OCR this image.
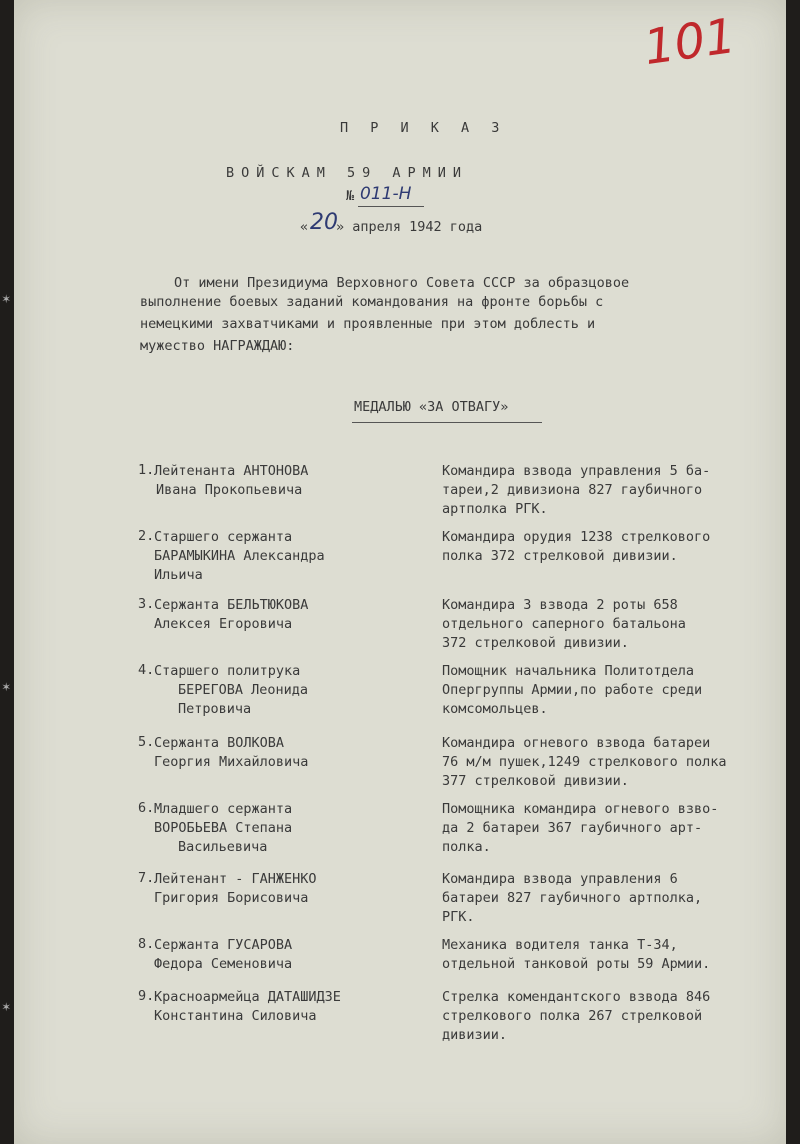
101
П Р И К А З
ВОЙСКАМ 59 АРМИИ
№ 011-Н
« 20
» апреля 1942 года
От имени Президиума Верховного Совета СССР за образцовое
выполнение боевых заданий командования на фронте борьбы с
немецкими захватчиками и проявленные при этом доблесть и
мужество НАГРАЖДАЮ:
МЕДАЛЬЮ «ЗА ОТВАГУ»
1. Лейтенанта АНТОНОВА
Ивана Прокопьевича
Командира взвода управления 5 ба-
тареи,2 дивизиона 827 гаубичного
артполка РГК.
2. Старшего сержанта
БАРАМЫКИНА Александра
Ильича
Командира орудия 1238 стрелкового
полка 372 стрелковой дивизии.
3. Сержанта БЕЛЬТЮКОВА
Алексея Егоровича
Командира 3 взвода 2 роты 658
отдельного саперного батальона
372 стрелковой дивизии.
4. Старшего политрука
БЕРЕГОВА Леонида
Петровича
Помощник начальника Политотдела
Опергруппы Армии,по работе среди
комсомольцев.
5. Сержанта ВОЛКОВА
Георгия Михайловича
Командира огневого взвода батареи
76 м/м пушек,1249 стрелкового полка
377 стрелковой дивизии.
6. Младшего сержанта
ВОРОБЬЕВА Степана
Васильевича
Помощника командира огневого взво-
да 2 батареи 367 гаубичного арт-
полка.
7. Лейтенант - ГАНЖЕНКО
Григория Борисовича
Командира взвода управления 6
батареи 827 гаубичного артполка,
РГК.
8. Сержанта ГУСАРОВА
Федора Семеновича
Механика водителя танка Т-34,
отдельной танковой роты 59 Армии.
9. Красноармейца ДАТАШИДЗЕ
Константина Силовича
Стрелка комендантского взвода 846
стрелкового полка 267 стрелковой
дивизии.
✶
✶
✶
